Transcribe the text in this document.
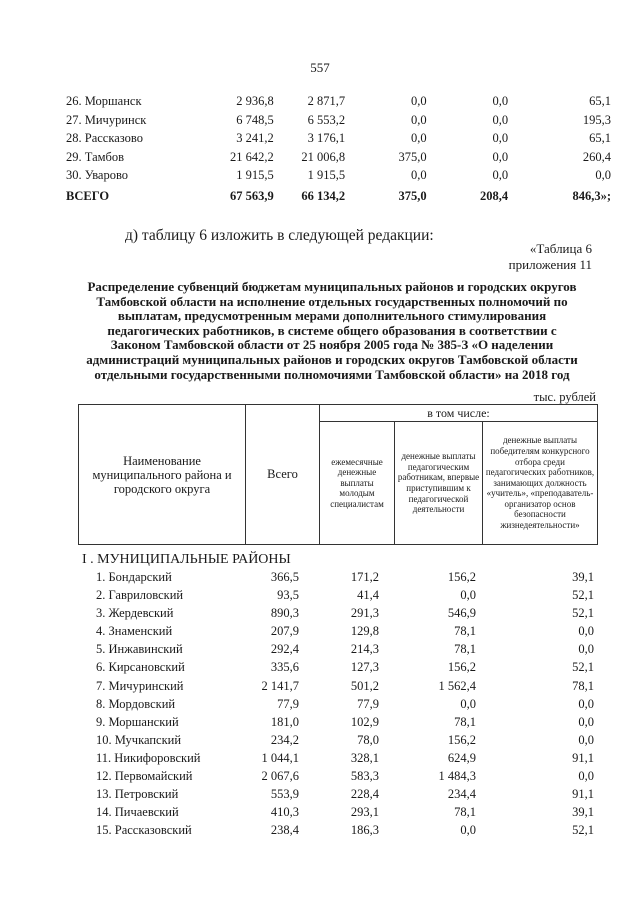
557
26. Моршанск	2 936,8	2 871,7	0,0	0,0	65,1
27. Мичуринск	6 748,5	6 553,2	0,0	0,0	195,3
28. Рассказово	3 241,2	3 176,1	0,0	0,0	65,1
29. Тамбов	21 642,2	21 006,8	375,0	0,0	260,4
30. Уварово	1 915,5	1 915,5	0,0	0,0	0,0
ВСЕГО	67 563,9	66 134,2	375,0	208,4	846,3»;
д) таблицу 6 изложить в следующей редакции:
«Таблица 6
приложения 11
Распределение субвенций бюджетам муниципальных районов и городских округов
Тамбовской области на исполнение отдельных государственных полномочий по
выплатам, предусмотренным мерами дополнительного стимулирования
педагогических работников, в системе общего образования в соответствии с
Законом Тамбовской области от 25 ноября 2005 года № 385-З «О наделении
администраций муниципальных районов и городских округов Тамбовской области
отдельными государственными полномочиями Тамбовской области» на 2018 год
тыс. рублей
Наименование муниципального района и городского округа	Всего	в том числе:		
		ежемесячные денежные выплаты молодым специалистам	денежные выплаты педагогическим работникам, впервые приступившим к педагогической деятельности	денежные выплаты победителям конкурсного отбора среди педагогических работников, занимающих должность «учитель», «преподаватель-организатор основ безопасности жизнедеятельности»
I . МУНИЦИПАЛЬНЫЕ РАЙОНЫ
1. Бондарский	366,5	171,2	156,2	39,1
2. Гавриловский	93,5	41,4	0,0	52,1
3. Жердевский	890,3	291,3	546,9	52,1
4. Знаменский	207,9	129,8	78,1	0,0
5. Инжавинский	292,4	214,3	78,1	0,0
6. Кирсановский	335,6	127,3	156,2	52,1
7. Мичуринский	2 141,7	501,2	1 562,4	78,1
8. Мордовский	77,9	77,9	0,0	0,0
9. Моршанский	181,0	102,9	78,1	0,0
10. Мучкапский	234,2	78,0	156,2	0,0
11. Никифоровский	1 044,1	328,1	624,9	91,1
12. Первомайский	2 067,6	583,3	1 484,3	0,0
13. Петровский	553,9	228,4	234,4	91,1
14. Пичаевский	410,3	293,1	78,1	39,1
15. Рассказовский	238,4	186,3	0,0	52,1
